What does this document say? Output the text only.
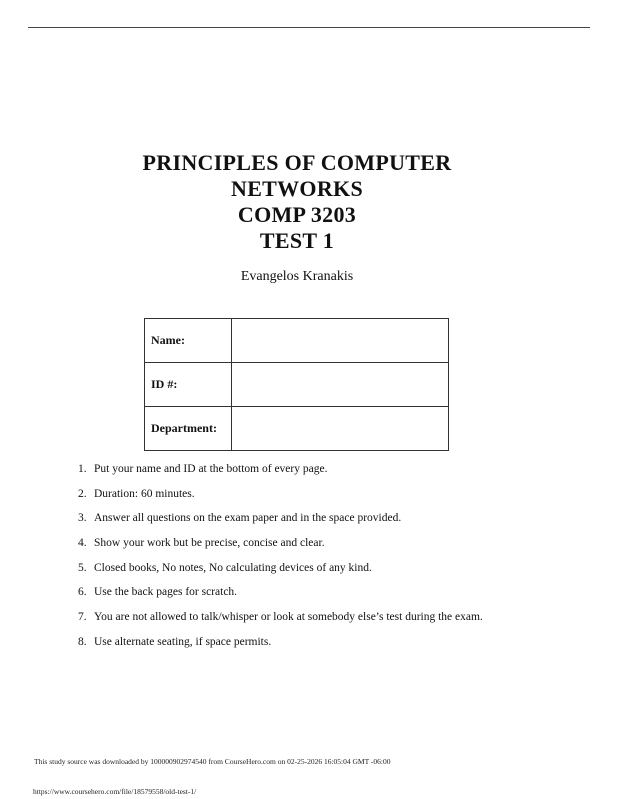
PRINCIPLES OF COMPUTER
NETWORKS
COMP 3203
TEST 1
Evangelos Kranakis
Name:	
ID #:	
Department:	
1. Put your name and ID at the bottom of every page.
2. Duration: 60 minutes.
3. Answer all questions on the exam paper and in the space provided.
4. Show your work but be precise, concise and clear.
5. Closed books, No notes, No calculating devices of any kind.
6. Use the back pages for scratch.
7. You are not allowed to talk/whisper or look at somebody else’s test during the exam.
8. Use alternate seating, if space permits.
This study source was downloaded by 100000902974540 from CourseHero.com on 02-25-2026 16:05:04 GMT -06:00
https://www.coursehero.com/file/18579558/old-test-1/
